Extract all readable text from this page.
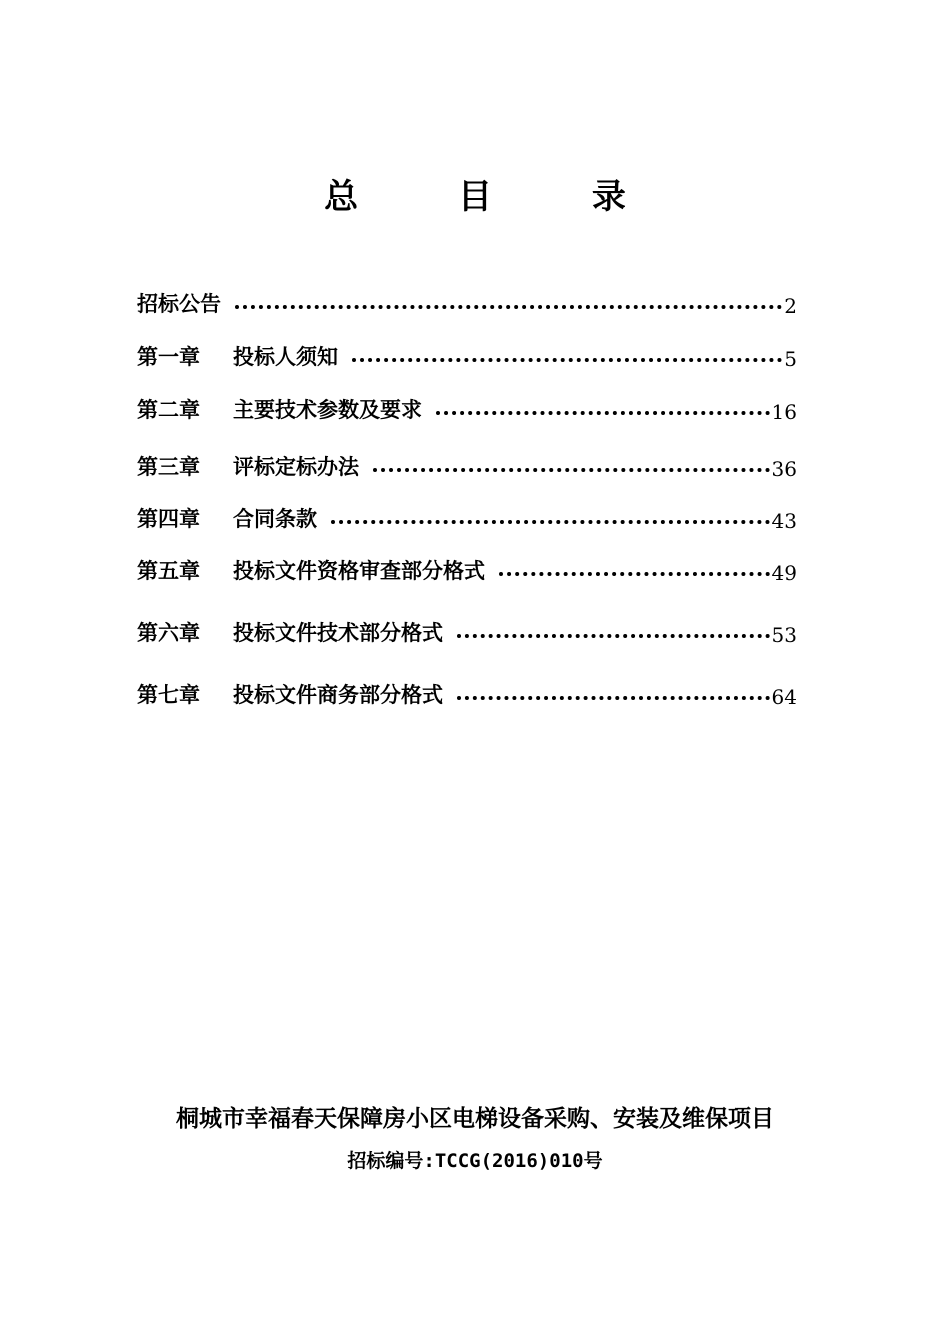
总 目 录
招标公告	2
第一章	投标人须知	5
第二章	主要技术参数及要求	16
第三章	评标定标办法	36
第四章	合同条款	43
第五章	投标文件资格审查部分格式	49
第六章	投标文件技术部分格式	53
第七章	投标文件商务部分格式	64
桐城市幸福春天保障房小区电梯设备采购、安装及维保项目
招标编号:TCCG(2016)010号
